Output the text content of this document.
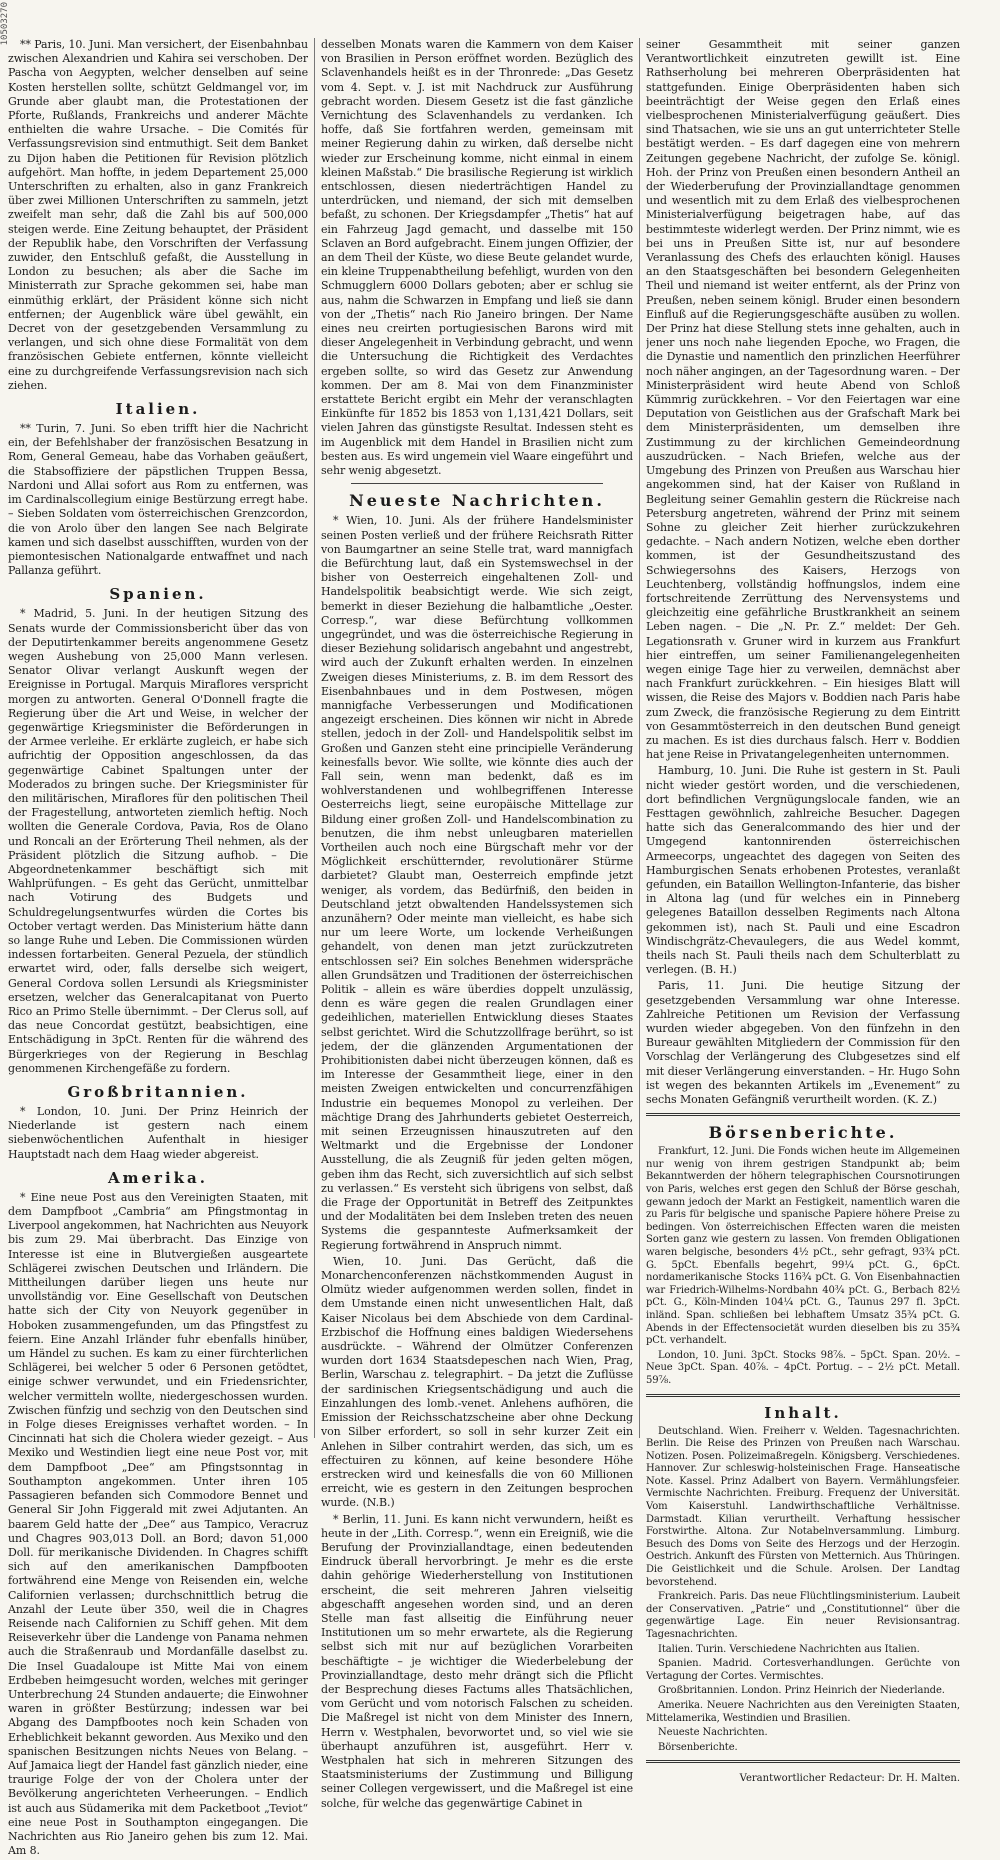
10503270 ** Paris, 10. Juni. Man versichert, der Eisenbahnbau zwischen Alexandrien und Kahira sei verschoben. Der Pascha von Aegypten, welcher denselben auf seine Kosten herstellen sollte, schützt Geldmangel vor, im Grunde aber glaubt man, die Protestationen der Pforte, Rußlands, Frankreichs und anderer Mächte enthielten die wahre Ursache. – Die Comités für Verfassungsrevision sind entmuthigt. Seit dem Banket zu Dijon haben die Petitionen für Revision plötzlich aufgehört. Man hoffte, in jedem Departement 25,000 Unterschriften zu erhalten, also in ganz Frankreich über zwei Millionen Unterschriften zu sammeln, jetzt zweifelt man sehr, daß die Zahl bis auf 500,000 steigen werde. Eine Zeitung behauptet, der Präsident der Republik habe, den Vorschriften der Verfassung zuwider, den Entschluß gefaßt, die Ausstellung in London zu besuchen; als aber die Sache im Ministerrath zur Sprache gekommen sei, habe man einmüthig erklärt, der Präsident könne sich nicht entfernen; der Augenblick wäre übel gewählt, ein Decret von der gesetzgebenden Versammlung zu verlangen, und sich ohne diese Formalität von dem französischen Gebiete entfernen, könnte vielleicht eine zu durchgreifende Verfassungsrevision nach sich ziehen.

Italien.

** Turin, 7. Juni. So eben trifft hier die Nachricht ein, der Befehlshaber der französischen Besatzung in Rom, General Gemeau, habe das Vorhaben geäußert, die Stabsoffiziere der päpstlichen Truppen Bessa, Nardoni und Allai sofort aus Rom zu entfernen, was im Cardinalscollegium einige Bestürzung erregt habe. – Sieben Soldaten vom österreichischen Grenzcordon, die von Arolo über den langen See nach Belgirate kamen und sich daselbst ausschifften, wurden von der piemontesischen Nationalgarde entwaffnet und nach Pallanza geführt.

Spanien.

* Madrid, 5. Juni. In der heutigen Sitzung des Senats wurde der Commissionsbericht über das von der Deputirtenkammer bereits angenommene Gesetz wegen Aushebung von 25,000 Mann verlesen. Senator Olivar verlangt Auskunft wegen der Ereignisse in Portugal. Marquis Miraflores verspricht morgen zu antworten. General O'Donnell fragte die Regierung über die Art und Weise, in welcher der gegenwärtige Kriegsminister die Beförderungen in der Armee verleihe. Er erklärte zugleich, er habe sich aufrichtig der Opposition angeschlossen, da das gegenwärtige Cabinet Spaltungen unter der Moderados zu bringen suche. Der Kriegsminister für den militärischen, Miraflores für den politischen Theil der Fragestellung, antworteten ziemlich heftig. Noch wollten die Generale Cordova, Pavia, Ros de Olano und Roncali an der Erörterung Theil nehmen, als der Präsident plötzlich die Sitzung aufhob. – Die Abgeordnetenkammer beschäftigt sich mit Wahlprüfungen. – Es geht das Gerücht, unmittelbar nach Votirung des Budgets und Schuldregelungsentwurfes würden die Cortes bis October vertagt werden. Das Ministerium hätte dann so lange Ruhe und Leben. Die Commissionen würden indessen fortarbeiten. General Pezuela, der stündlich erwartet wird, oder, falls derselbe sich weigert, General Cordova sollen Lersundi als Kriegsminister ersetzen, welcher das Generalcapitanat von Puerto Rico an Primo Stelle übernimmt. – Der Clerus soll, auf das neue Concordat gestützt, beabsichtigen, eine Entschädigung in 3pCt. Renten für die während des Bürgerkrieges von der Regierung in Beschlag genommenen Kirchengefäße zu fordern.

Großbritannien.

* London, 10. Juni. Der Prinz Heinrich der Niederlande ist gestern nach einem siebenwöchentlichen Aufenthalt in hiesiger Hauptstadt nach dem Haag wieder abgereist.

Amerika.

* Eine neue Post aus den Vereinigten Staaten, mit dem Dampfboot „Cambria“ am Pfingstmontag in Liverpool angekommen, hat Nachrichten aus Neuyork bis zum 29. Mai überbracht. Das Einzige von Interesse ist eine in Blutvergießen ausgeartete Schlägerei zwischen Deutschen und Irländern. Die Mittheilungen darüber liegen uns heute nur unvollständig vor. Eine Gesellschaft von Deutschen hatte sich der City von Neuyork gegenüber in Hoboken zusammengefunden, um das Pfingstfest zu feiern. Eine Anzahl Irländer fuhr ebenfalls hinüber, um Händel zu suchen. Es kam zu einer fürchterlichen Schlägerei, bei welcher 5 oder 6 Personen getödtet, einige schwer verwundet, und ein Friedensrichter, welcher vermitteln wollte, niedergeschossen wurden. Zwischen fünfzig und sechzig von den Deutschen sind in Folge dieses Ereignisses verhaftet worden. – In Cincinnati hat sich die Cholera wieder gezeigt. – Aus Mexiko und Westindien liegt eine neue Post vor, mit dem Dampfboot „Dee“ am Pfingstsonntag in Southampton angekommen. Unter ihren 105 Passagieren befanden sich Commodore Bennet und General Sir John Figgerald mit zwei Adjutanten. An baarem Geld hatte der „Dee“ aus Tampico, Veracruz und Chagres 903,013 Doll. an Bord; davon 51,000 Doll. für merikanische Dividenden. In Chagres schifft sich auf den amerikanischen Dampfbooten fortwährend eine Menge von Reisenden ein, welche Californien verlassen; durchschnittlich betrug die Anzahl der Leute über 350, weil die in Chagres Reisende nach Californien zu Schiff gehen. Mit dem Reiseverkehr über die Landenge von Panama nehmen auch die Straßenraub und Mordanfälle daselbst zu. Die Insel Guadaloupe ist Mitte Mai von einem Erdbeben heimgesucht worden, welches mit geringer Unterbrechung 24 Stunden andauerte; die Einwohner waren in größter Bestürzung; indessen war bei Abgang des Dampfbootes noch kein Schaden von Erheblichkeit bekannt geworden. Aus Mexiko und den spanischen Besitzungen nichts Neues von Belang. – Auf Jamaica liegt der Handel fast gänzlich nieder, eine traurige Folge der von der Cholera unter der Bevölkerung angerichteten Verheerungen. – Endlich ist auch aus Südamerika mit dem Packetboot „Teviot“ eine neue Post in Southampton eingegangen. Die Nachrichten aus Rio Janeiro gehen bis zum 12. Mai. Am 8.

desselben Monats waren die Kammern von dem Kaiser von Brasilien in Person eröffnet worden. Bezüglich des Sclavenhandels heißt es in der Thronrede: „Das Gesetz vom 4. Sept. v. J. ist mit Nachdruck zur Ausführung gebracht worden. Diesem Gesetz ist die fast gänzliche Vernichtung des Sclavenhandels zu verdanken. Ich hoffe, daß Sie fortfahren werden, gemeinsam mit meiner Regierung dahin zu wirken, daß derselbe nicht wieder zur Erscheinung komme, nicht einmal in einem kleinen Maßstab.“ Die brasilische Regierung ist wirklich entschlossen, diesen niederträchtigen Handel zu unterdrücken, und niemand, der sich mit demselben befaßt, zu schonen. Der Kriegsdampfer „Thetis“ hat auf ein Fahrzeug Jagd gemacht, und dasselbe mit 150 Sclaven an Bord aufgebracht. Einem jungen Offizier, der an dem Theil der Küste, wo diese Beute gelandet wurde, ein kleine Truppenabtheilung befehligt, wurden von den Schmugglern 6000 Dollars geboten; aber er schlug sie aus, nahm die Schwarzen in Empfang und ließ sie dann von der „Thetis“ nach Rio Janeiro bringen. Der Name eines neu creirten portugiesischen Barons wird mit dieser Angelegenheit in Verbindung gebracht, und wenn die Untersuchung die Richtigkeit des Verdachtes ergeben sollte, so wird das Gesetz zur Anwendung kommen. Der am 8. Mai von dem Finanzminister erstattete Bericht ergibt ein Mehr der veranschlagten Einkünfte für 1852 bis 1853 von 1,131,421 Dollars, seit vielen Jahren das günstigste Resultat. Indessen steht es im Augenblick mit dem Handel in Brasilien nicht zum besten aus. Es wird ungemein viel Waare eingeführt und sehr wenig abgesetzt.

Neueste Nachrichten.

* Wien, 10. Juni. Als der frühere Handelsminister seinen Posten verließ und der frühere Reichsrath Ritter von Baumgartner an seine Stelle trat, ward mannigfach die Befürchtung laut, daß ein Systemswechsel in der bisher von Oesterreich eingehaltenen Zoll- und Handelspolitik beabsichtigt werde. Wie sich zeigt, bemerkt in dieser Beziehung die halbamtliche „Oester. Corresp.“, war diese Befürchtung vollkommen ungegründet, und was die österreichische Regierung in dieser Beziehung solidarisch angebahnt und angestrebt, wird auch der Zukunft erhalten werden. In einzelnen Zweigen dieses Ministeriums, z. B. im dem Ressort des Eisenbahnbaues und in dem Postwesen, mögen mannigfache Verbesserungen und Modificationen angezeigt erscheinen. Dies können wir nicht in Abrede stellen, jedoch in der Zoll- und Handelspolitik selbst im Großen und Ganzen steht eine principielle Veränderung keinesfalls bevor. Wie sollte, wie könnte dies auch der Fall sein, wenn man bedenkt, daß es im wohlverstandenen und wohlbegriffenen Interesse Oesterreichs liegt, seine europäische Mittellage zur Bildung einer großen Zoll- und Handelscombination zu benutzen, die ihm nebst unleugbaren materiellen Vortheilen auch noch eine Bürgschaft mehr vor der Möglichkeit erschütternder, revolutionärer Stürme darbietet? Glaubt man, Oesterreich empfinde jetzt weniger, als vordem, das Bedürfniß, den beiden in Deutschland jetzt obwaltenden Handelssystemen sich anzunähern? Oder meinte man vielleicht, es habe sich nur um leere Worte, um lockende Verheißungen gehandelt, von denen man jetzt zurückzutreten entschlossen sei? Ein solches Benehmen widerspräche allen Grundsätzen und Traditionen der österreichischen Politik – allein es wäre überdies doppelt unzulässig, denn es wäre gegen die realen Grundlagen einer gedeihlichen, materiellen Entwicklung dieses Staates selbst gerichtet. Wird die Schutzzollfrage berührt, so ist jedem, der die glänzenden Argumentationen der Prohibitionisten dabei nicht überzeugen können, daß es im Interesse der Gesammtheit liege, einer in den meisten Zweigen entwickelten und concurrenzfähigen Industrie ein bequemes Monopol zu verleihen. Der mächtige Drang des Jahrhunderts gebietet Oesterreich, mit seinen Erzeugnissen hinauszutreten auf den Weltmarkt und die Ergebnisse der Londoner Ausstellung, die als Zeugniß für jeden gelten mögen, geben ihm das Recht, sich zuversichtlich auf sich selbst zu verlassen.“ Es versteht sich übrigens von selbst, daß die Frage der Opportunität in Betreff des Zeitpunktes und der Modalitäten bei dem Insleben treten des neuen Systems die gespannteste Aufmerksamkeit der Regierung fortwährend in Anspruch nimmt.

Wien, 10. Juni. Das Gerücht, daß die Monarchenconferenzen nächstkommenden August in Olmütz wieder aufgenommen werden sollen, findet in dem Umstande einen nicht unwesentlichen Halt, daß Kaiser Nicolaus bei dem Abschiede von dem Cardinal-Erzbischof die Hoffnung eines baldigen Wiedersehens ausdrückte. – Während der Olmützer Conferenzen wurden dort 1634 Staatsdepeschen nach Wien, Prag, Berlin, Warschau z. telegraphirt. – Da jetzt die Zuflüsse der sardinischen Kriegsentschädigung und auch die Einzahlungen des lomb.-venet. Anlehens aufhören, die Emission der Reichsschatzscheine aber ohne Deckung von Silber erfordert, so soll in sehr kurzer Zeit ein Anlehen in Silber contrahirt werden, das sich, um es effectuiren zu können, auf keine besondere Höhe erstrecken wird und keinesfalls die von 60 Millionen erreicht, wie es gestern in den Zeitungen besprochen wurde. (N.B.)

* Berlin, 11. Juni. Es kann nicht verwundern, heißt es heute in der „Lith. Corresp.“, wenn ein Ereigniß, wie die Berufung der Provinziallandtage, einen bedeutenden Eindruck überall hervorbringt. Je mehr es die erste dahin gehörige Wiederherstellung von Institutionen erscheint, die seit mehreren Jahren vielseitig abgeschafft angesehen worden sind, und an deren Stelle man fast allseitig die Einführung neuer Institutionen um so mehr erwartete, als die Regierung selbst sich mit nur auf bezüglichen Vorarbeiten beschäftigte – je wichtiger die Wiederbelebung der Provinziallandtage, desto mehr drängt sich die Pflicht der Besprechung dieses Factums alles Thatsächlichen, vom Gerücht und vom notorisch Falschen zu scheiden. Die Maßregel ist nicht von dem Minister des Innern, Herrn v. Westphalen, bevorwortet und, so viel wie sie überhaupt anzuführen ist, ausgeführt. Herr v. Westphalen hat sich in mehreren Sitzungen des Staatsministeriums der Zustimmung und Billigung seiner Collegen vergewissert, und die Maßregel ist eine solche, für welche das gegenwärtige Cabinet in

seiner Gesammtheit mit seiner ganzen Verantwortlichkeit einzutreten gewillt ist. Eine Rathserholung bei mehreren Oberpräsidenten hat stattgefunden. Einige Oberpräsidenten haben sich beeinträchtigt der Weise gegen den Erlaß eines vielbesprochenen Ministerialverfügung geäußert. Dies sind Thatsachen, wie sie uns an gut unterrichteter Stelle bestätigt werden. – Es darf dagegen eine von mehrern Zeitungen gegebene Nachricht, der zufolge Se. königl. Hoh. der Prinz von Preußen einen besondern Antheil an der Wiederberufung der Provinziallandtage genommen und wesentlich mit zu dem Erlaß des vielbesprochenen Ministerialverfügung beigetragen habe, auf das bestimmteste widerlegt werden. Der Prinz nimmt, wie es bei uns in Preußen Sitte ist, nur auf besondere Veranlassung des Chefs des erlauchten königl. Hauses an den Staatsgeschäften bei besondern Gelegenheiten Theil und niemand ist weiter entfernt, als der Prinz von Preußen, neben seinem königl. Bruder einen besondern Einfluß auf die Regierungsgeschäfte ausüben zu wollen. Der Prinz hat diese Stellung stets inne gehalten, auch in jener uns noch nahe liegenden Epoche, wo Fragen, die die Dynastie und namentlich den prinzlichen Heerführer noch näher angingen, an der Tagesordnung waren. – Der Ministerpräsident wird heute Abend von Schloß Kümmrig zurückkehren. – Vor den Feiertagen war eine Deputation von Geistlichen aus der Grafschaft Mark bei dem Ministerpräsidenten, um demselben ihre Zustimmung zu der kirchlichen Gemeindeordnung auszudrücken. – Nach Briefen, welche aus der Umgebung des Prinzen von Preußen aus Warschau hier angekommen sind, hat der Kaiser von Rußland in Begleitung seiner Gemahlin gestern die Rückreise nach Petersburg angetreten, während der Prinz mit seinem Sohne zu gleicher Zeit hierher zurückzukehren gedachte. – Nach andern Notizen, welche eben dorther kommen, ist der Gesundheitszustand des Schwiegersohns des Kaisers, Herzogs von Leuchtenberg, vollständig hoffnungslos, indem eine fortschreitende Zerrüttung des Nervensystems und gleichzeitig eine gefährliche Brustkrankheit an seinem Leben nagen. – Die „N. Pr. Z.“ meldet: Der Geh. Legationsrath v. Gruner wird in kurzem aus Frankfurt hier eintreffen, um seiner Familienangelegenheiten wegen einige Tage hier zu verweilen, demnächst aber nach Frankfurt zurückkehren. – Ein hiesiges Blatt will wissen, die Reise des Majors v. Boddien nach Paris habe zum Zweck, die französische Regierung zu dem Eintritt von Gesammtösterreich in den deutschen Bund geneigt zu machen. Es ist dies durchaus falsch. Herr v. Boddien hat jene Reise in Privatangelegenheiten unternommen.

Hamburg, 10. Juni. Die Ruhe ist gestern in St. Pauli nicht wieder gestört worden, und die verschiedenen, dort befindlichen Vergnügungslocale fanden, wie an Festtagen gewöhnlich, zahlreiche Besucher. Dagegen hatte sich das Generalcommando des hier und der Umgegend kantonnirenden österreichischen Armeecorps, ungeachtet des dagegen von Seiten des Hamburgischen Senats erhobenen Protestes, veranlaßt gefunden, ein Bataillon Wellington-Infanterie, das bisher in Altona lag (und für welches ein in Pinneberg gelegenes Bataillon desselben Regiments nach Altona gekommen ist), nach St. Pauli und eine Escadron Windischgrätz-Chevaulegers, die aus Wedel kommt, theils nach St. Pauli theils nach dem Schulterblatt zu verlegen. (B. H.)

Paris, 11. Juni. Die heutige Sitzung der gesetzgebenden Versammlung war ohne Interesse. Zahlreiche Petitionen um Revision der Verfassung wurden wieder abgegeben. Von den fünfzehn in den Bureaur gewählten Mitgliedern der Commission für den Vorschlag der Verlängerung des Clubgesetzes sind elf mit dieser Verlängerung einverstanden. – Hr. Hugo Sohn ist wegen des bekannten Artikels im „Evenement“ zu sechs Monaten Gefängniß verurtheilt worden. (K. Z.)

Börsenberichte.

Frankfurt, 12. Juni. Die Fonds wichen heute im Allgemeinen nur wenig von ihrem gestrigen Standpunkt ab; beim Bekanntwerden der höhern telegraphischen Coursnotirungen von Paris, welches erst gegen den Schluß der Börse geschah, gewann jedoch der Markt an Festigkeit, namentlich waren die zu Paris für belgische und spanische Papiere höhere Preise zu bedingen. Von österreichischen Effecten waren die meisten Sorten ganz wie gestern zu lassen. Von fremden Obligationen waren belgische, besonders 4½ pCt., sehr gefragt, 93¾ pCt. G. 5pCt. Ebenfalls begehrt, 99¼ pCt. G., 6pCt. nordamerikanische Stocks 116¾ pCt. G. Von Eisenbahnactien war Friedrich-Wilhelms-Nordbahn 40¾ pCt. G., Berbach 82½ pCt. G., Köln-Minden 104¼ pCt. G., Taunus 297 fl. 3pCt. inländ. Span. schließen bei lebhaftem Umsatz 35¾ pCt. G. Abends in der Effectensocietät wurden dieselben bis zu 35¾ pCt. verhandelt.

London, 10. Juni. 3pCt. Stocks 98⅞. – 5pCt. Span. 20½. – Neue 3pCt. Span. 40⅞. – 4pCt. Portug. – – 2½ pCt. Metall. 59⅞.

Inhalt.

Deutschland. Wien. Freiherr v. Welden. Tagesnachrichten. Berlin. Die Reise des Prinzen von Preußen nach Warschau. Notizen. Posen. Polizeimaßregeln. Königsberg. Verschiedenes. Hannover. Zur schleswig-holsteinischen Frage. Hanseatische Note. Kassel. Prinz Adalbert von Bayern. Vermählungsfeier. Vermischte Nachrichten. Freiburg. Frequenz der Universität. Vom Kaiserstuhl. Landwirthschaftliche Verhältnisse. Darmstadt. Kilian verurtheilt. Verhaftung hessischer Forstwirthe. Altona. Zur Notabelnversammlung. Limburg. Besuch des Doms von Seite des Herzogs und der Herzogin. Oestrich. Ankunft des Fürsten von Metternich. Aus Thüringen. Die Geistlichkeit und die Schule. Arolsen. Der Landtag bevorstehend.

Frankreich. Paris. Das neue Flüchtlingsministerium. Laubeit der Conservativen. „Patrie“ und „Constitutionnel“ über die gegenwärtige Lage. Ein neuer Revisionsantrag. Tagesnachrichten.

Italien. Turin. Verschiedene Nachrichten aus Italien.

Spanien. Madrid. Cortesverhandlungen. Gerüchte von Vertagung der Cortes. Vermischtes.

Großbritannien. London. Prinz Heinrich der Niederlande.

Amerika. Neuere Nachrichten aus den Vereinigten Staaten, Mittelamerika, Westindien und Brasilien.

Neueste Nachrichten.

Börsenberichte.

Verantwortlicher Redacteur: Dr. H. Malten.
